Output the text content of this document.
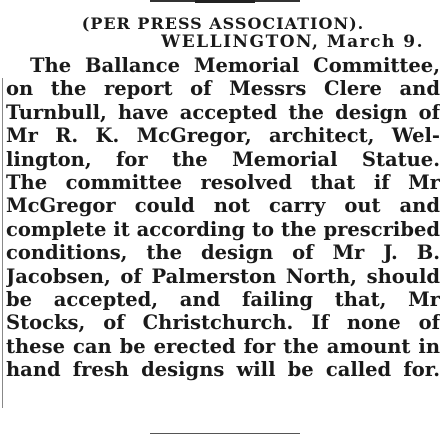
(PER PRESS ASSOCIATION).
WELLINGTON, March 9.
The Ballance Memorial Committee,
on the report of Messrs Clere and
Turnbull, have accepted the design of
Mr R. K. McGregor, architect, Wel-
lington, for the Memorial Statue.
The committee resolved that if Mr
McGregor could not carry out and
complete it according to the prescribed
conditions, the design of Mr J. B.
Jacobsen, of Palmerston North, should
be accepted, and failing that, Mr
Stocks, of Christchurch. If none of
these can be erected for the amount in
hand fresh designs will be called for.
